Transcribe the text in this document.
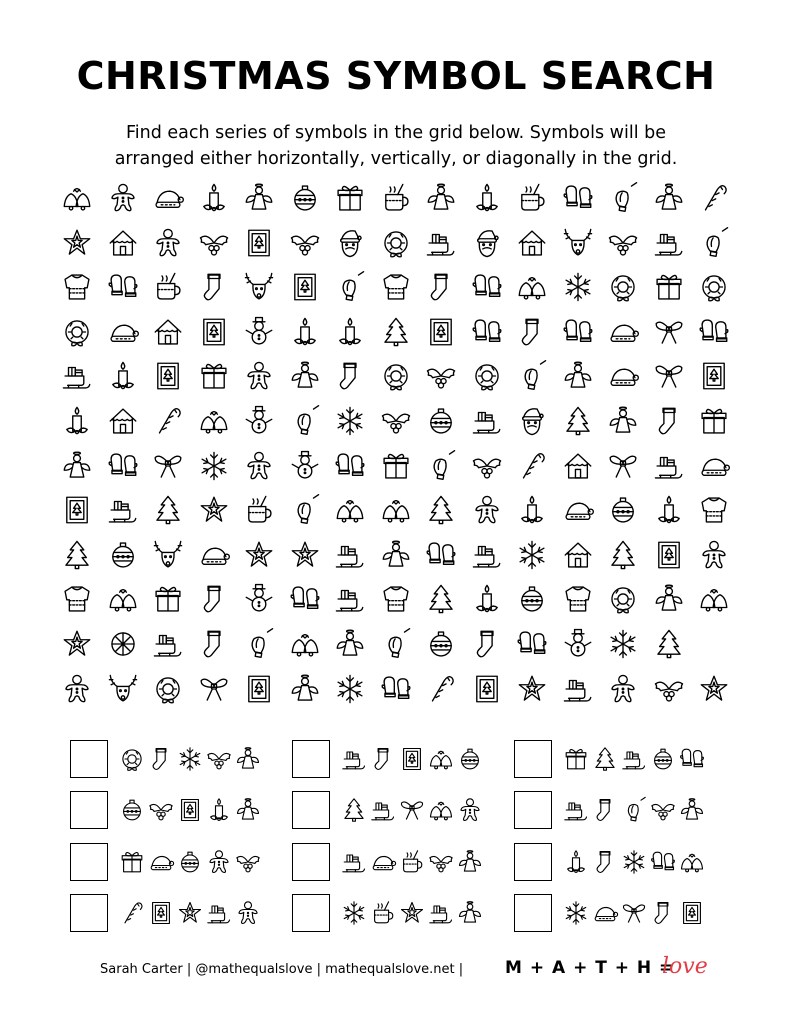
CHRISTMAS SYMBOL SEARCH
Find each series of symbols in the grid below. Symbols will be
arranged either horizontally, vertically, or diagonally in the grid.
Sarah Carter | @mathequalslove | mathequalslove.net | M + A + T + H =
love
